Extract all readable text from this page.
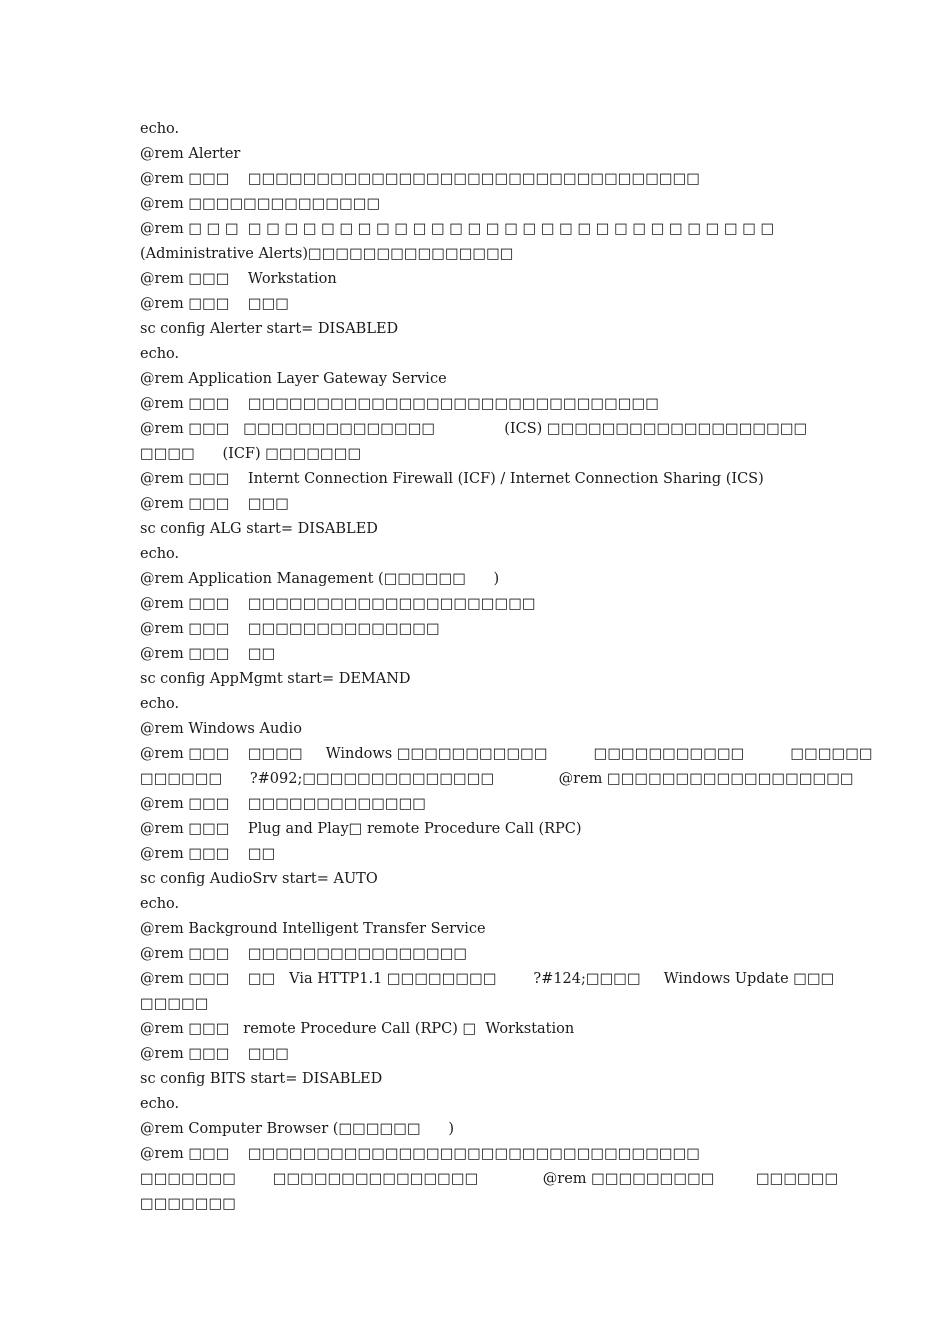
echo.
@rem Alerter
@rem □□□    □□□□□□□□□□□□□□□□□□□□□□□□□□□□□□□□□
@rem □□□□□□□□□□□□□□
@rem □ □ □  □ □ □ □ □ □ □ □ □ □ □ □ □ □ □ □ □ □ □ □ □ □ □ □ □ □ □ □ □
(Administrative Alerts)□□□□□□□□□□□□□□□
@rem □□□    Workstation
@rem □□□    □□□
sc config Alerter start= DISABLED
echo.
@rem Application Layer Gateway Service
@rem □□□    □□□□□□□□□□□□□□□□□□□□□□□□□□□□□□
@rem □□□   □□□□□□□□□□□□□□               (ICS) □□□□□□□□□□□□□□□□□□□
□□□□      (ICF) □□□□□□□
@rem □□□    Internt Connection Firewall (ICF) / Internet Connection Sharing (ICS)
@rem □□□    □□□
sc config ALG start= DISABLED
echo.
@rem Application Management (□□□□□□      )
@rem □□□    □□□□□□□□□□□□□□□□□□□□□
@rem □□□    □□□□□□□□□□□□□□
@rem □□□    □□
sc config AppMgmt start= DEMAND
echo.
@rem Windows Audio
@rem □□□    □□□□     Windows □□□□□□□□□□□          □□□□□□□□□□□          □□□□□□
□□□□□□      ?#092;□□□□□□□□□□□□□□              @rem □□□□□□□□□□□□□□□□□□
@rem □□□    □□□□□□□□□□□□□
@rem □□□    Plug and Play□ remote Procedure Call (RPC)
@rem □□□    □□
sc config AudioSrv start= AUTO
echo.
@rem Background Intelligent Transfer Service
@rem □□□    □□□□□□□□□□□□□□□□
@rem □□□    □□   Via HTTP1.1 □□□□□□□□        ?#124;□□□□     Windows Update □□□
□□□□□
@rem □□□   remote Procedure Call (RPC) □  Workstation
@rem □□□    □□□
sc config BITS start= DISABLED
echo.
@rem Computer Browser (□□□□□□      )
@rem □□□    □□□□□□□□□□□□□□□□□□□□□□□□□□□□□□□□□
□□□□□□□        □□□□□□□□□□□□□□□              @rem □□□□□□□□□         □□□□□□
□□□□□□□
